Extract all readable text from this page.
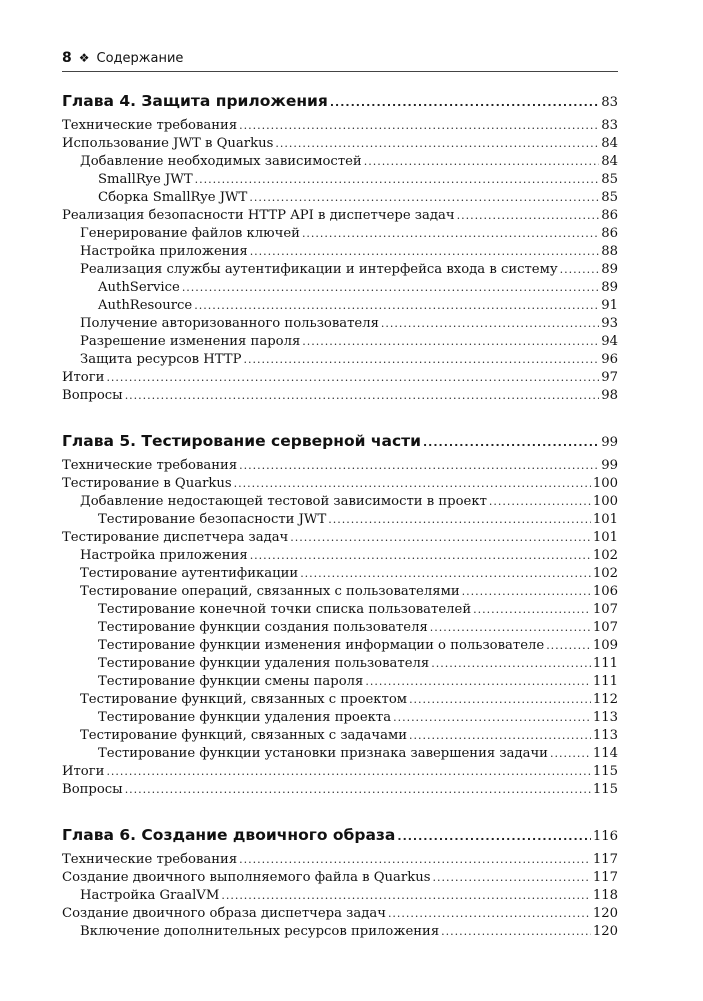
8 ❖ Содержание
Глава 4. Защита приложения .....	83
Технические требования .....	83
Использование JWT в Quarkus .....	84
Добавление необходимых зависимостей .....	84
SmallRye JWT .....	85
Сборка SmallRye JWT .....	85
Реализация безопасности HTTP API в диспетчере задач .....	86
Генерирование файлов ключей .....	86
Настройка приложения .....	88
Реализация службы аутентификации и интерфейса входа в систему .....	89
AuthService .....	89
AuthResource .....	91
Получение авторизованного пользователя .....	93
Разрешение изменения пароля .....	94
Защита ресурсов HTTP .....	96
Итоги .....	97
Вопросы .....	98
Глава 5. Тестирование серверной части .....	99
Технические требования .....	99
Тестирование в Quarkus .....	100
Добавление недостающей тестовой зависимости в проект .....	100
Тестирование безопасности JWT .....	101
Тестирование диспетчера задач .....	101
Настройка приложения .....	102
Тестирование аутентификации .....	102
Тестирование операций, связанных с пользователями .....	106
Тестирование конечной точки списка пользователей .....	107
Тестирование функции создания пользователя .....	107
Тестирование функции изменения информации о пользователе .....	109
Тестирование функции удаления пользователя .....	111
Тестирование функции смены пароля .....	111
Тестирование функций, связанных с проектом .....	112
Тестирование функции удаления проекта .....	113
Тестирование функций, связанных с задачами .....	113
Тестирование функции установки признака завершения задачи .....	114
Итоги .....	115
Вопросы .....	115
Глава 6. Создание двоичного образа .....	116
Технические требования .....	117
Создание двоичного выполняемого файла в Quarkus .....	117
Настройка GraalVM .....	118
Создание двоичного образа диспетчера задач .....	120
Включение дополнительных ресурсов приложения .....	120
